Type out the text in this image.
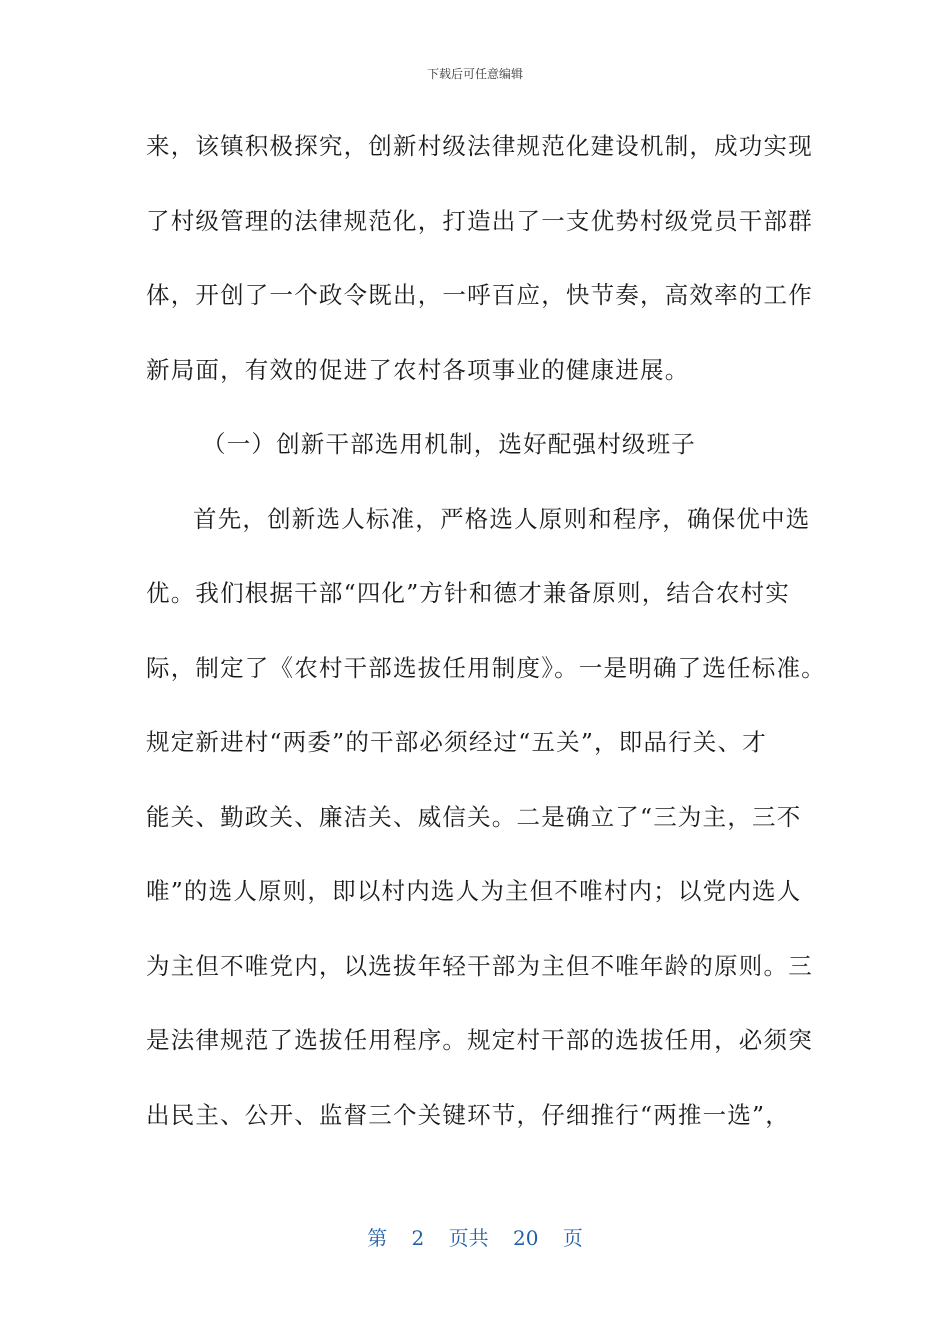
下载后可任意编辑
来，该镇积极探究，创新村级法律规范化建设机制，成功实现
了村级管理的法律规范化，打造出了一支优势村级党员干部群
体，开创了一个政令既出，一呼百应，快节奏，高效率的工作
新局面，有效的促进了农村各项事业的健康进展。
（一）创新干部选用机制，选好配强村级班子
首先，创新选人标准，严格选人原则和程序，确保优中选
优。我们根据干部“四化”方针和德才兼备原则，结合农村实
际，制定了《农村干部选拔任用制度》。一是明确了选任标准。
规定新进村“两委”的干部必须经过“五关”，即品行关、才
能关、勤政关、廉洁关、威信关。二是确立了“三为主，三不
唯”的选人原则，即以村内选人为主但不唯村内；以党内选人
为主但不唯党内，以选拔年轻干部为主但不唯年龄的原则。三
是法律规范了选拔任用程序。规定村干部的选拔任用，必须突
出民主、公开、监督三个关键环节，仔细推行“两推一选”，
第 2 页共 20 页
